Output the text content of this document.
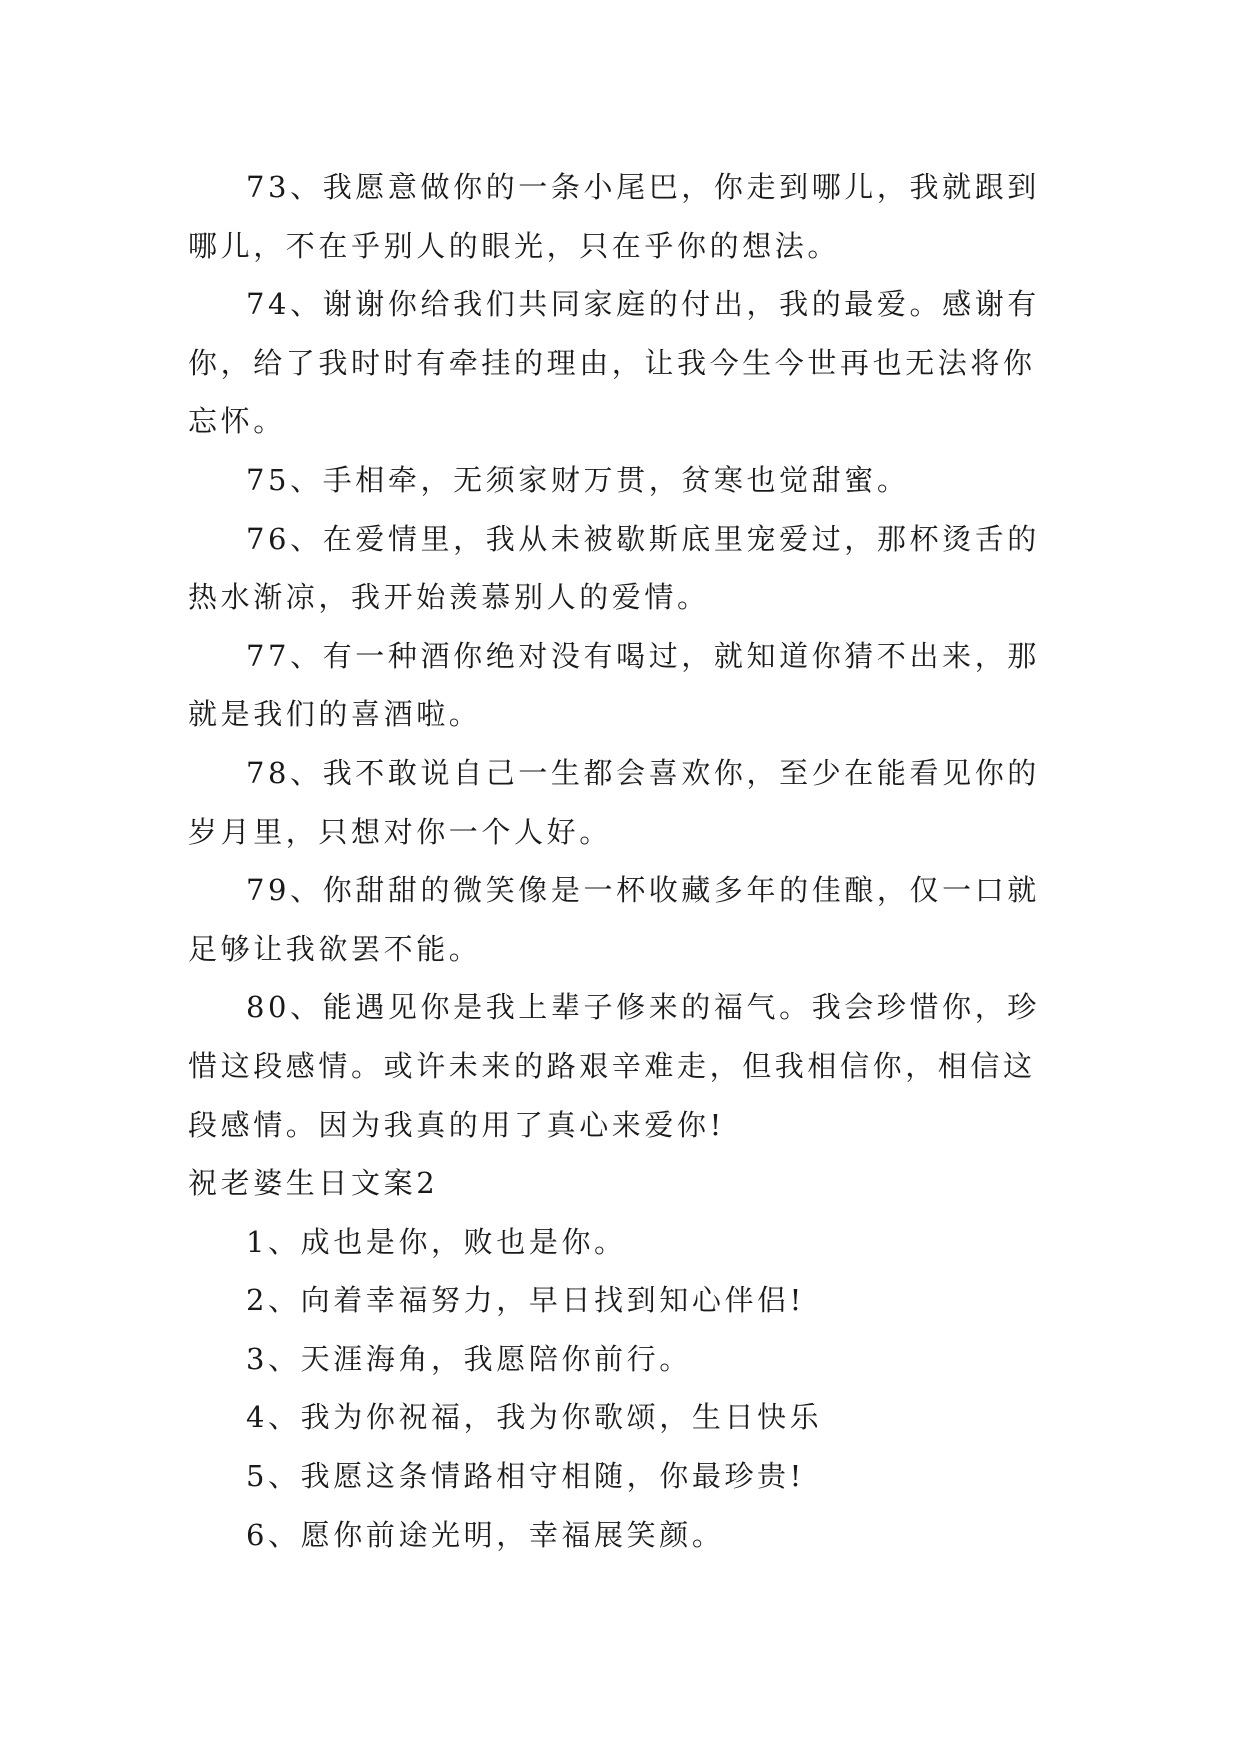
73、我愿意做你的一条小尾巴，你走到哪儿，我就跟到哪儿，不在乎别人的眼光，只在乎你的想法。

74、谢谢你给我们共同家庭的付出，我的最爱。感谢有你，给了我时时有牵挂的理由，让我今生今世再也无法将你忘怀。

75、手相牵，无须家财万贯，贫寒也觉甜蜜。

76、在爱情里，我从未被歇斯底里宠爱过，那杯烫舌的热水渐凉，我开始羡慕别人的爱情。

77、有一种酒你绝对没有喝过，就知道你猜不出来，那就是我们的喜酒啦。

78、我不敢说自己一生都会喜欢你，至少在能看见你的岁月里，只想对你一个人好。

79、你甜甜的微笑像是一杯收藏多年的佳酿，仅一口就足够让我欲罢不能。

80、能遇见你是我上辈子修来的福气。我会珍惜你，珍惜这段感情。或许未来的路艰辛难走，但我相信你，相信这段感情。因为我真的用了真心来爱你!

祝老婆生日文案2

1、成也是你，败也是你。

2、向着幸福努力，早日找到知心伴侣!

3、天涯海角，我愿陪你前行。

4、我为你祝福，我为你歌颂，生日快乐

5、我愿这条情路相守相随，你最珍贵!

6、愿你前途光明，幸福展笑颜。
